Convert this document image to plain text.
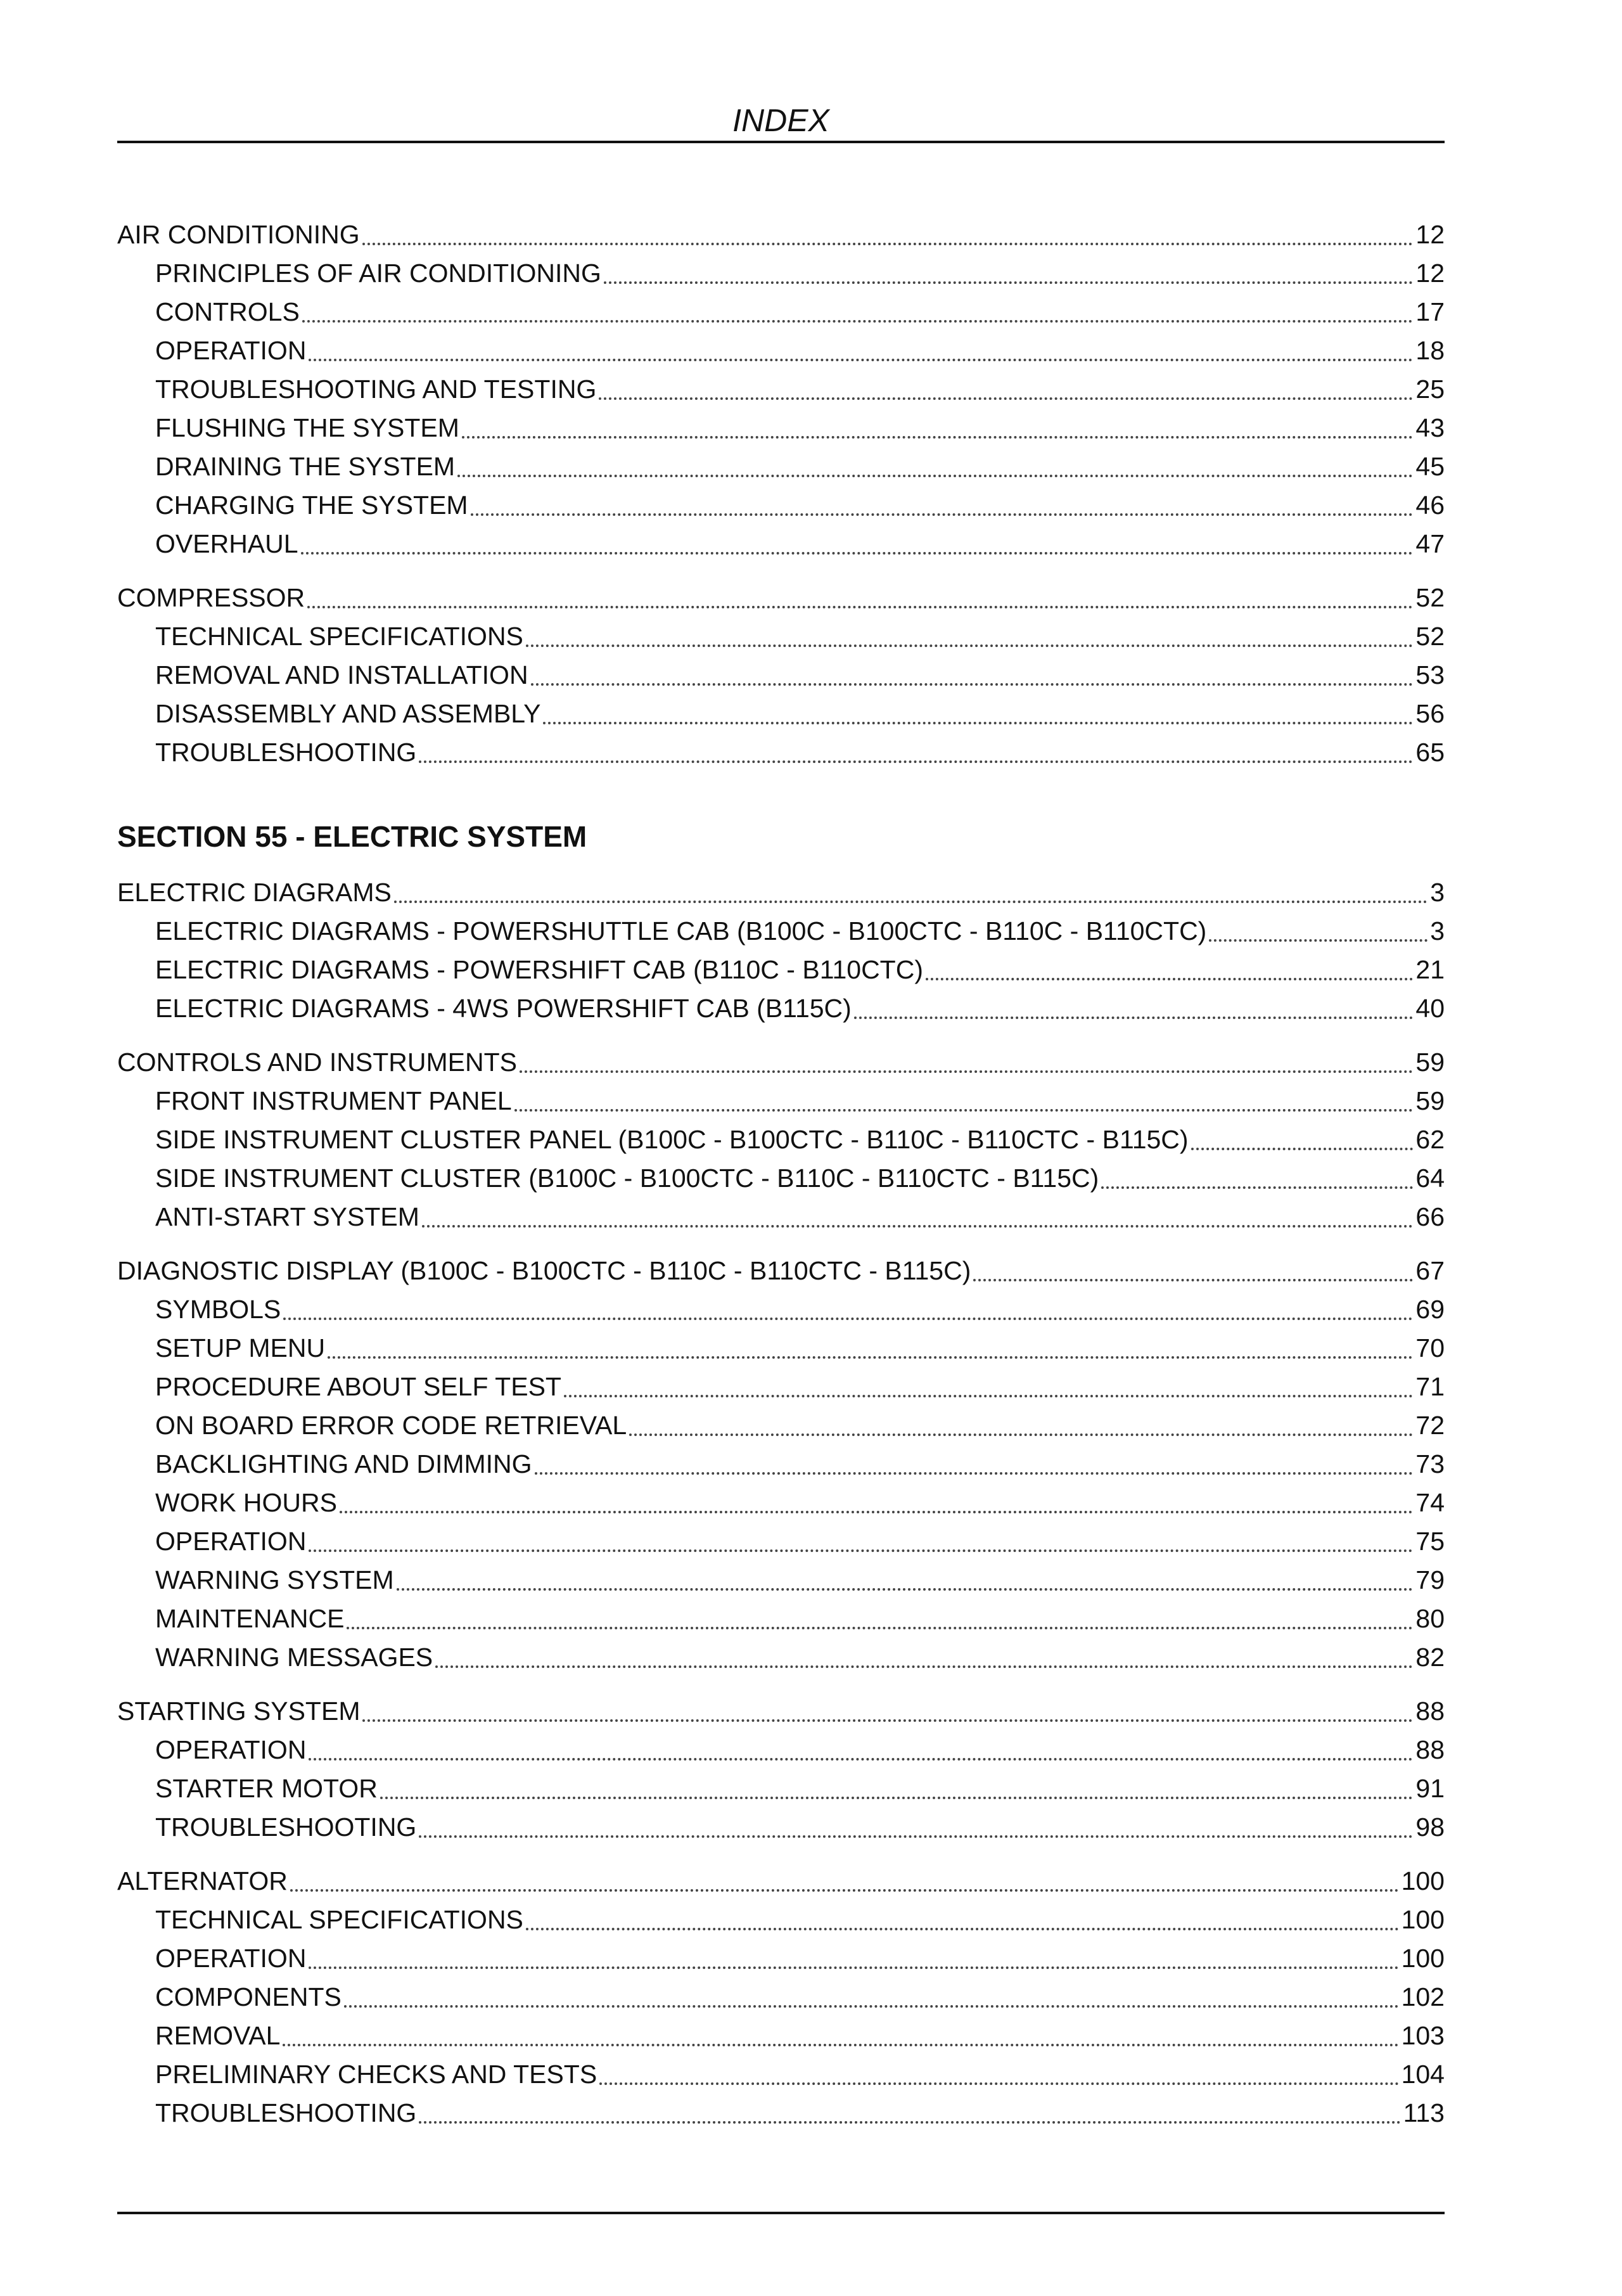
INDEX
AIR CONDITIONING	12
PRINCIPLES OF AIR CONDITIONING	12
CONTROLS	17
OPERATION	18
TROUBLESHOOTING AND TESTING	25
FLUSHING THE SYSTEM	43
DRAINING THE SYSTEM	45
CHARGING THE SYSTEM	46
OVERHAUL	47
COMPRESSOR	52
TECHNICAL SPECIFICATIONS	52
REMOVAL AND INSTALLATION	53
DISASSEMBLY AND ASSEMBLY	56
TROUBLESHOOTING	65
SECTION 55 - ELECTRIC SYSTEM
ELECTRIC DIAGRAMS	3
ELECTRIC DIAGRAMS - POWERSHUTTLE CAB (B100C - B100CTC - B110C - B110CTC)	3
ELECTRIC DIAGRAMS - POWERSHIFT CAB (B110C - B110CTC)	21
ELECTRIC DIAGRAMS - 4WS POWERSHIFT CAB (B115C)	40
CONTROLS AND INSTRUMENTS	59
FRONT INSTRUMENT PANEL	59
SIDE INSTRUMENT CLUSTER PANEL (B100C - B100CTC - B110C - B110CTC - B115C)	62
SIDE INSTRUMENT CLUSTER (B100C - B100CTC - B110C - B110CTC - B115C)	64
ANTI-START SYSTEM	66
DIAGNOSTIC DISPLAY (B100C - B100CTC - B110C - B110CTC - B115C)	67
SYMBOLS	69
SETUP MENU	70
PROCEDURE ABOUT SELF TEST	71
ON BOARD ERROR CODE RETRIEVAL	72
BACKLIGHTING AND DIMMING	73
WORK HOURS	74
OPERATION	75
WARNING SYSTEM	79
MAINTENANCE	80
WARNING MESSAGES	82
STARTING SYSTEM	88
OPERATION	88
STARTER MOTOR	91
TROUBLESHOOTING	98
ALTERNATOR	100
TECHNICAL SPECIFICATIONS	100
OPERATION	100
COMPONENTS	102
REMOVAL	103
PRELIMINARY CHECKS AND TESTS	104
TROUBLESHOOTING	113
